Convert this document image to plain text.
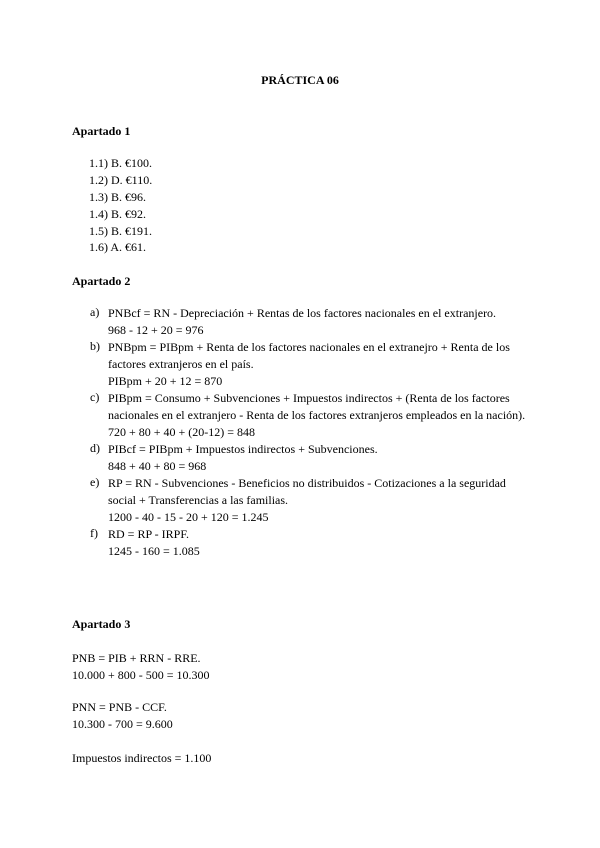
PRÁCTICA 06
Apartado 1
1.1) B. €100.
1.2) D. €110.
1.3) B. €96.
1.4) B. €92.
1.5) B. €191.
1.6) A. €61.
Apartado 2
a) PNBcf = RN - Depreciación + Rentas de los factores nacionales en el extranjero.
968 - 12 + 20 = 976
b) PNBpm = PIBpm + Renta de los factores nacionales en el extranejro + Renta de los factores extranjeros en el país.
PIBpm + 20 + 12 = 870
c) PIBpm = Consumo + Subvenciones + Impuestos indirectos + (Renta de los factores nacionales en el extranjero - Renta de los factores extranjeros empleados en la nación).
720 + 80 + 40 + (20-12) = 848
d) PIBcf = PIBpm + Impuestos indirectos + Subvenciones.
848 + 40 + 80 = 968
e) RP = RN - Subvenciones - Beneficios no distribuidos - Cotizaciones a la seguridad social + Transferencias a las familias.
1200 - 40 - 15 - 20 + 120 = 1.245
f) RD = RP - IRPF.
1245 - 160 = 1.085
Apartado 3
PNB = PIB + RRN - RRE.
10.000 + 800 - 500 = 10.300
PNN = PNB - CCF.
10.300 - 700 = 9.600
Impuestos indirectos = 1.100
